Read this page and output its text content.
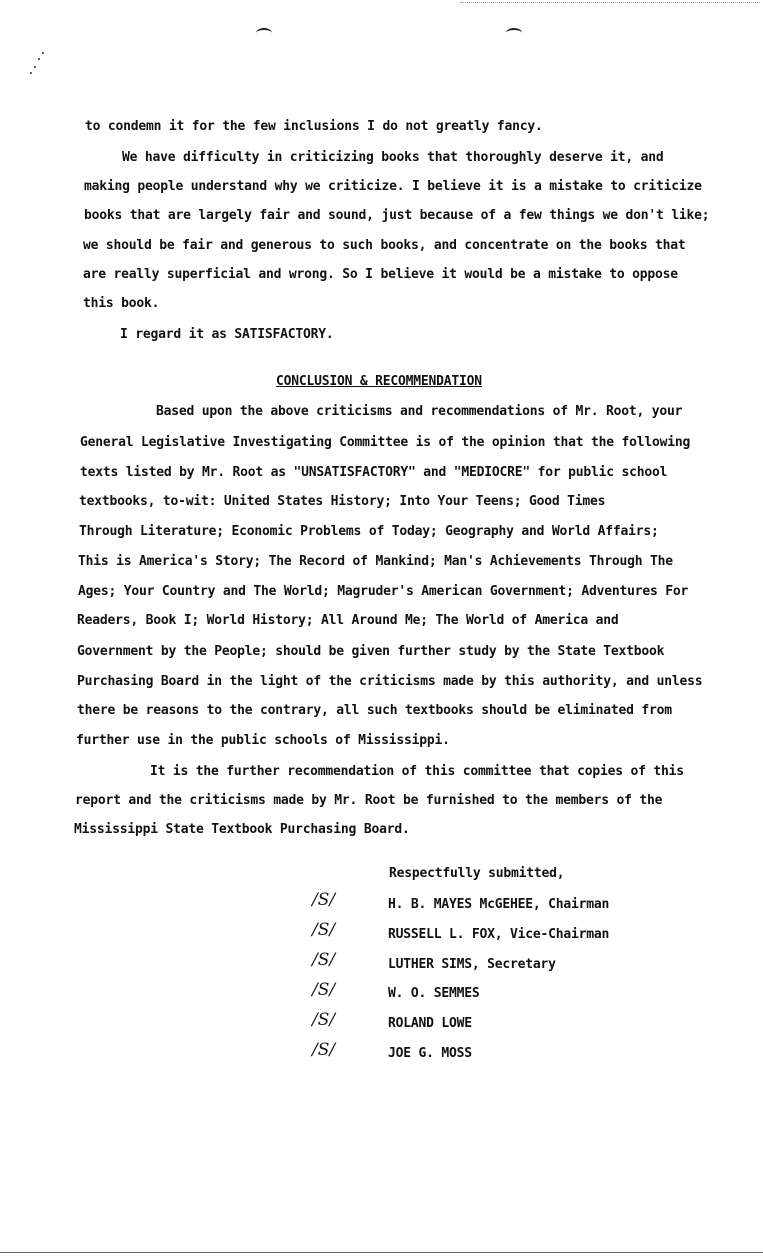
to condemn it for the few inclusions I do not greatly fancy.
We have difficulty in criticizing books that thoroughly deserve it, and
making people understand why we criticize. I believe it is a mistake to criticize
books that are largely fair and sound, just because of a few things we don't like;
we should be fair and generous to such books, and concentrate on the books that
are really superficial and wrong. So I believe it would be a mistake to oppose
this book.
I regard it as SATISFACTORY.
CONCLUSION & RECOMMENDATION
Based upon the above criticisms and recommendations of Mr. Root, your
General Legislative Investigating Committee is of the opinion that the following
texts listed by Mr. Root as "UNSATISFACTORY" and "MEDIOCRE" for public school
textbooks, to-wit: United States History; Into Your Teens; Good Times
Through Literature; Economic Problems of Today; Geography and World Affairs;
This is America's Story; The Record of Mankind; Man's Achievements Through The
Ages; Your Country and The World; Magruder's American Government; Adventures For
Readers, Book I; World History; All Around Me; The World of America and
Government by the People; should be given further study by the State Textbook
Purchasing Board in the light of the criticisms made by this authority, and unless
there be reasons to the contrary, all such textbooks should be eliminated from
further use in the public schools of Mississippi.
It is the further recommendation of this committee that copies of this
report and the criticisms made by Mr. Root be furnished to the members of the
Mississippi State Textbook Purchasing Board.
Respectfully submitted,
/S/	H. B. MAYES McGEHEE, Chairman
/S/	RUSSELL L. FOX, Vice-Chairman
/S/	LUTHER SIMS, Secretary
/S/	W. O. SEMMES
/S/	ROLAND LOWE
/S/	JOE G. MOSS
